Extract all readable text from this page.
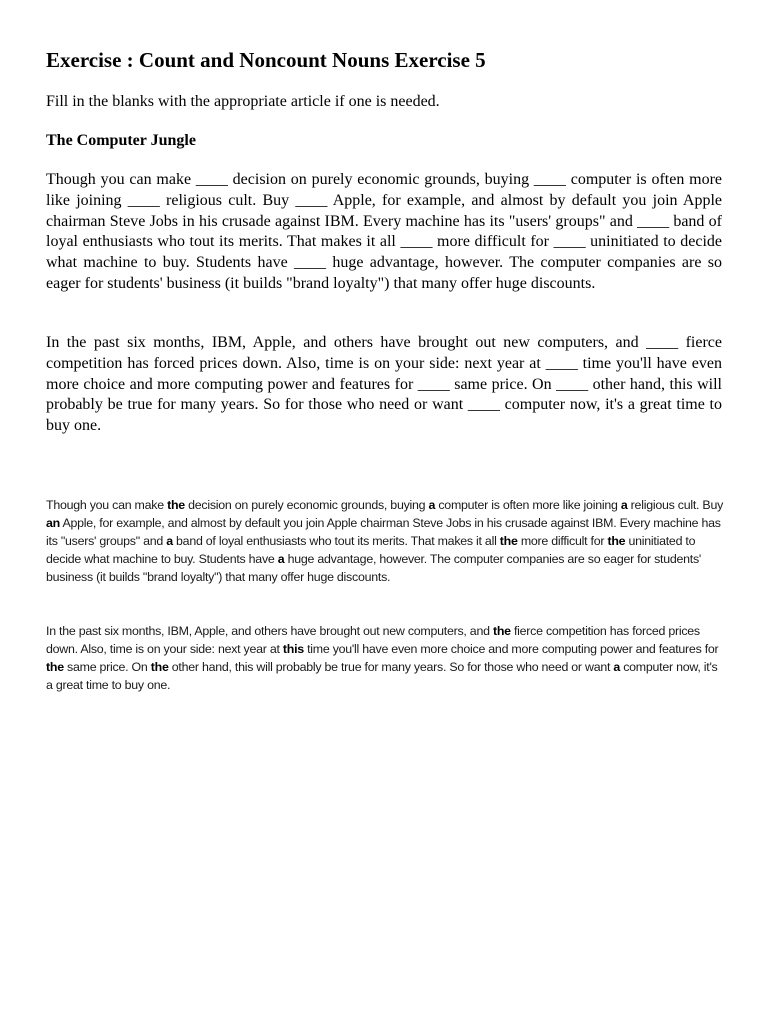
Exercise : Count and Noncount Nouns Exercise 5

Fill in the blanks with the appropriate article if one is needed.

The Computer Jungle

Though you can make ____ decision on purely economic grounds, buying ____ computer is often more like joining ____ religious cult. Buy ____ Apple, for example, and almost by default you join Apple chairman Steve Jobs in his crusade against IBM. Every machine has its "users' groups" and ____ band of loyal enthusiasts who tout its merits. That makes it all ____ more difficult for ____ uninitiated to decide what machine to buy. Students have ____ huge advantage, however. The computer companies are so eager for students' business (it builds "brand loyalty") that many offer huge discounts.

In the past six months, IBM, Apple, and others have brought out new computers, and ____ fierce competition has forced prices down. Also, time is on your side: next year at ____ time you'll have even more choice and more computing power and features for ____ same price. On ____ other hand, this will probably be true for many years. So for those who need or want ____ computer now, it's a great time to buy one.

Though you can make the decision on purely economic grounds, buying a computer is often more like joining a religious cult. Buy an Apple, for example, and almost by default you join Apple chairman Steve Jobs in his crusade against IBM. Every machine has its "users' groups" and a band of loyal enthusiasts who tout its merits. That makes it all the more difficult for the uninitiated to decide what machine to buy. Students have a huge advantage, however. The computer companies are so eager for students' business (it builds "brand loyalty") that many offer huge discounts.

In the past six months, IBM, Apple, and others have brought out new computers, and the fierce competition has forced prices down. Also, time is on your side: next year at this time you'll have even more choice and more computing power and features for the same price. On the other hand, this will probably be true for many years. So for those who need or want a computer now, it's a great time to buy one.
